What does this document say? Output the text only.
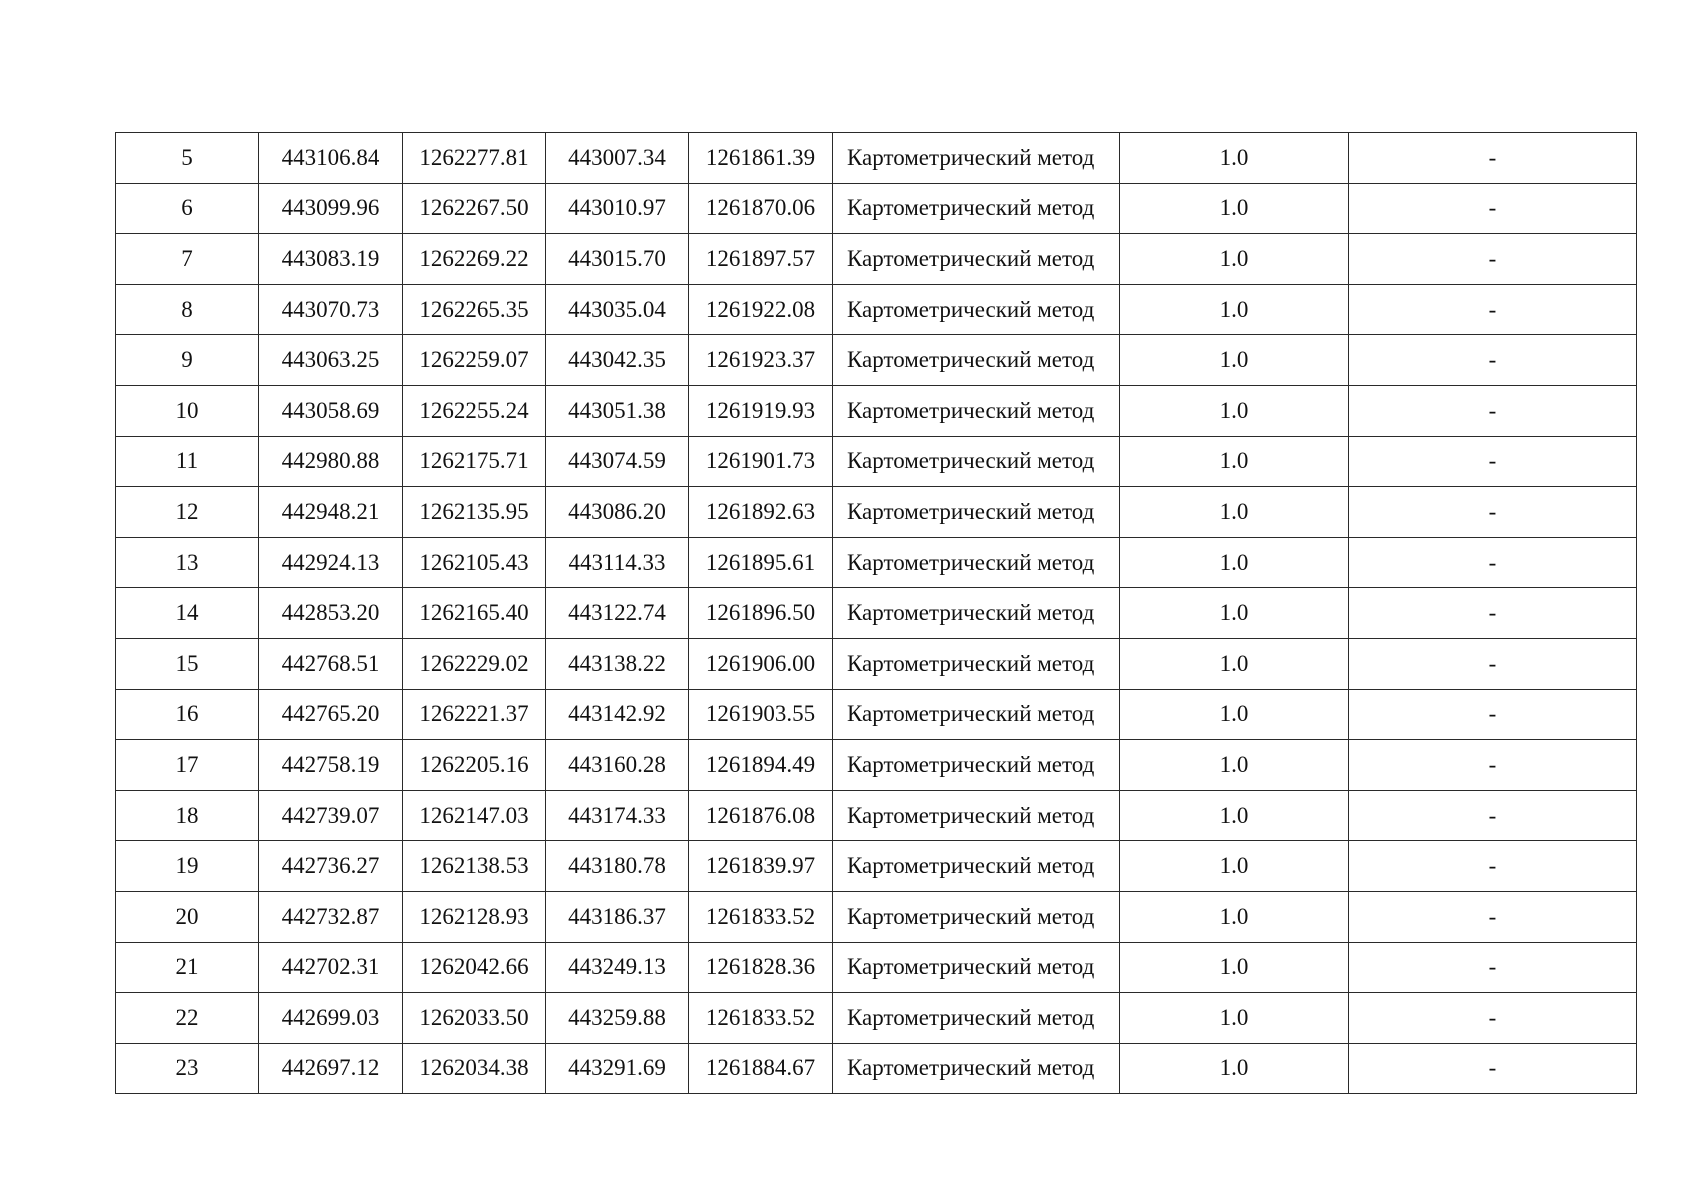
5	443106.84	1262277.81	443007.34	1261861.39	Картометрический метод	1.0	-
6	443099.96	1262267.50	443010.97	1261870.06	Картометрический метод	1.0	-
7	443083.19	1262269.22	443015.70	1261897.57	Картометрический метод	1.0	-
8	443070.73	1262265.35	443035.04	1261922.08	Картометрический метод	1.0	-
9	443063.25	1262259.07	443042.35	1261923.37	Картометрический метод	1.0	-
10	443058.69	1262255.24	443051.38	1261919.93	Картометрический метод	1.0	-
11	442980.88	1262175.71	443074.59	1261901.73	Картометрический метод	1.0	-
12	442948.21	1262135.95	443086.20	1261892.63	Картометрический метод	1.0	-
13	442924.13	1262105.43	443114.33	1261895.61	Картометрический метод	1.0	-
14	442853.20	1262165.40	443122.74	1261896.50	Картометрический метод	1.0	-
15	442768.51	1262229.02	443138.22	1261906.00	Картометрический метод	1.0	-
16	442765.20	1262221.37	443142.92	1261903.55	Картометрический метод	1.0	-
17	442758.19	1262205.16	443160.28	1261894.49	Картометрический метод	1.0	-
18	442739.07	1262147.03	443174.33	1261876.08	Картометрический метод	1.0	-
19	442736.27	1262138.53	443180.78	1261839.97	Картометрический метод	1.0	-
20	442732.87	1262128.93	443186.37	1261833.52	Картометрический метод	1.0	-
21	442702.31	1262042.66	443249.13	1261828.36	Картометрический метод	1.0	-
22	442699.03	1262033.50	443259.88	1261833.52	Картометрический метод	1.0	-
23	442697.12	1262034.38	443291.69	1261884.67	Картометрический метод	1.0	-
